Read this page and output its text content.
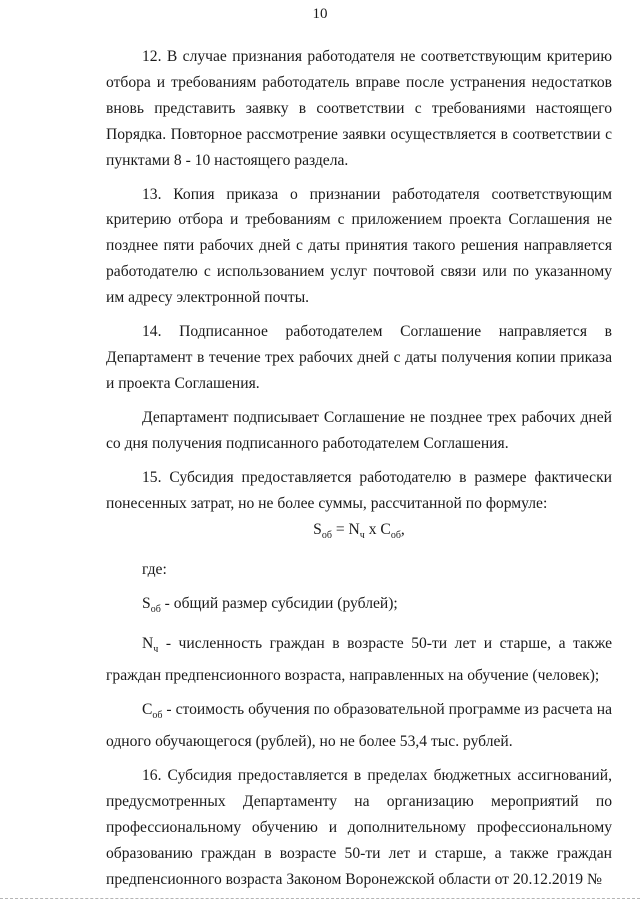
10

12. В случае признания работодателя не соответствующим критерию отбора и требованиям работодатель вправе после устранения недостатков вновь представить заявку в соответствии с требованиями настоящего Порядка. Повторное рассмотрение заявки осуществляется в соответствии с пунктами 8 - 10 настоящего раздела.

13. Копия приказа о признании работодателя соответствующим критерию отбора и требованиям с приложением проекта Соглашения не позднее пяти рабочих дней с даты принятия такого решения направляется работодателю с использованием услуг почтовой связи или по указанному им адресу электронной почты.

14. Подписанное работодателем Соглашение направляется в Департамент в течение трех рабочих дней с даты получения копии приказа и проекта Соглашения.

Департамент подписывает Соглашение не позднее трех рабочих дней со дня получения подписанного работодателем Соглашения.

15. Субсидия предоставляется работодателю в размере фактически понесенных затрат, но не более суммы, рассчитанной по формуле:

$S_{об} = N_ч$ х $С_{об}$,

где:

$S_{об}$ - общий размер субсидии (рублей);

$N_ч$ - численность граждан в возрасте 50-ти лет и старше, а также граждан предпенсионного возраста, направленных на обучение (человек);

$С_{об}$ - стоимость обучения по образовательной программе из расчета на одного обучающегося (рублей), но не более 53,4 тыс. рублей.

16. Субсидия предоставляется в пределах бюджетных ассигнований, предусмотренных Департаменту на организацию мероприятий по профессиональному обучению и дополнительному профессиональному образованию граждан в возрасте 50-ти лет и старше, а также граждан предпенсионного возраста Законом Воронежской области от 20.12.2019 №
